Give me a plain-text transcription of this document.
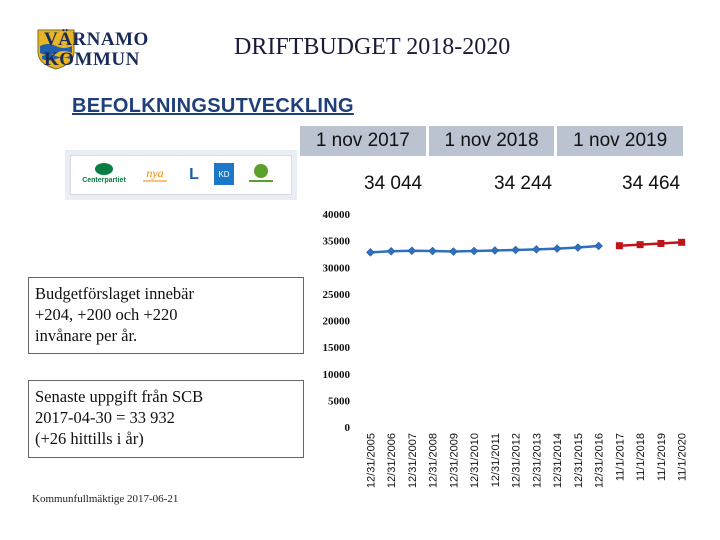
VÄRNAMO
KOMMUN	DRIFTBUDGET 2018-2020
BEFOLKNINGSUTVECKLING
1 nov 2017	1 nov 2018	1 nov 2019
34 044	34 244	34 464
Centerpartiet
nya L KD
Budgetförslaget innebär
+204, +200 och +220
invånare per år.
Senaste uppgift från SCB
2017-04-30 = 33 932
(+26 hittills i år)
Kommunfullmäktige 2017-06-21
0
5000
10000
15000
20000
25000
30000
35000
40000
12/31/2005 12/31/2006 12/31/2007 12/31/2008 12/31/2009 12/31/2010 12/31/2011 12/31/2012 12/31/2013 12/31/2014 12/31/2015 12/31/2016 11/1/2017 11/1/2018 11/1/2019 11/1/2020
